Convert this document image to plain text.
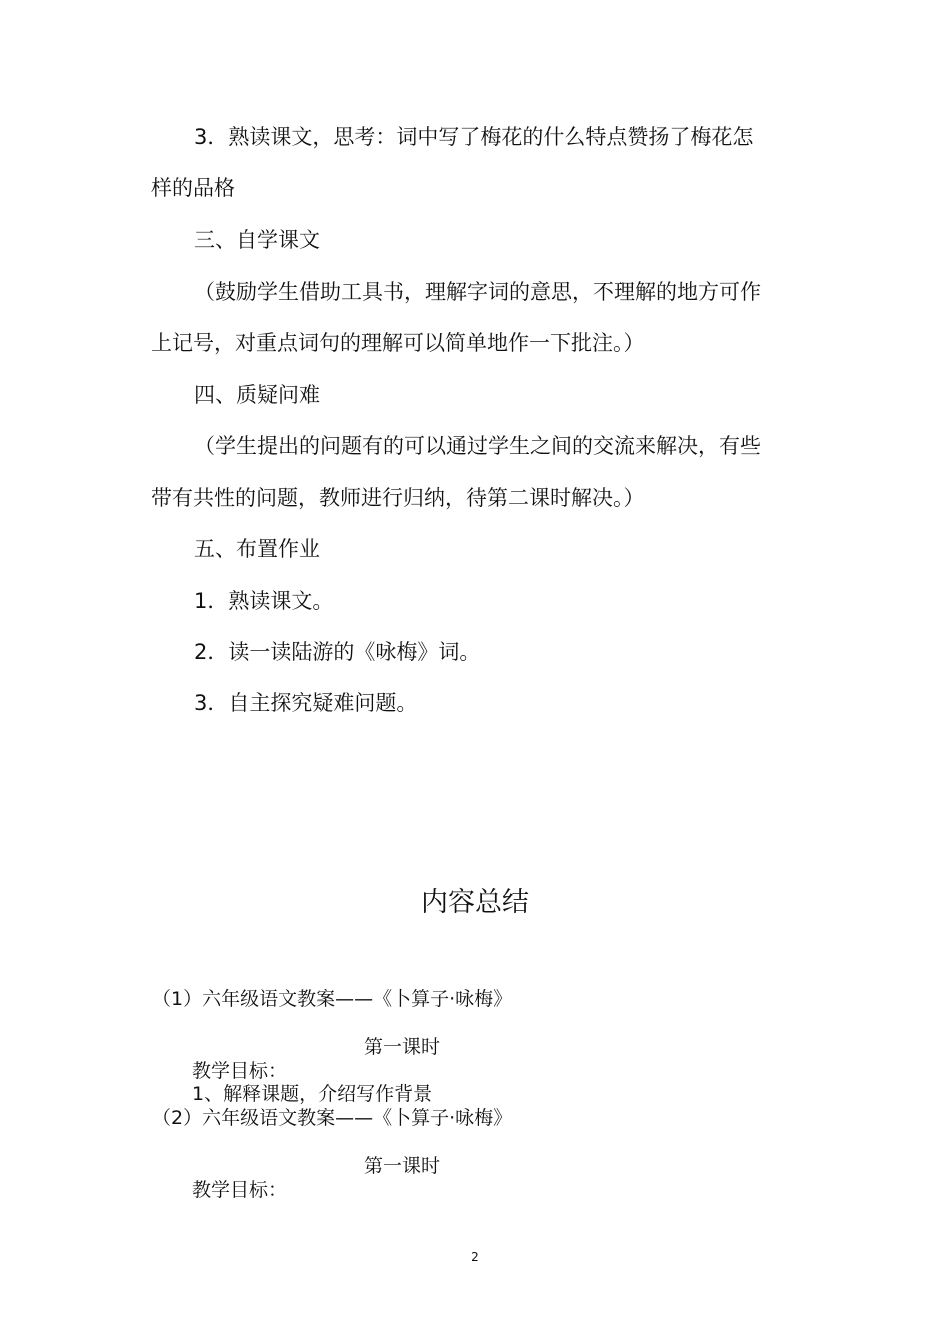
3．熟读课文，思考：词中写了梅花的什么特点赞扬了梅花怎
样的品格
三、自学课文
（鼓励学生借助工具书，理解字词的意思，不理解的地方可作
上记号，对重点词句的理解可以简单地作一下批注。）
四、质疑问难
（学生提出的问题有的可以通过学生之间的交流来解决，有些
带有共性的问题，教师进行归纳，待第二课时解决。）
五、布置作业
1．熟读课文。
2．读一读陆游的《咏梅》词。
3．自主探究疑难问题。
内容总结
（1）六年级语文教案——《卜算子·咏梅》
第一课时
教学目标：
1、解释课题，介绍写作背景
（2）六年级语文教案——《卜算子·咏梅》
第一课时
教学目标：
2
